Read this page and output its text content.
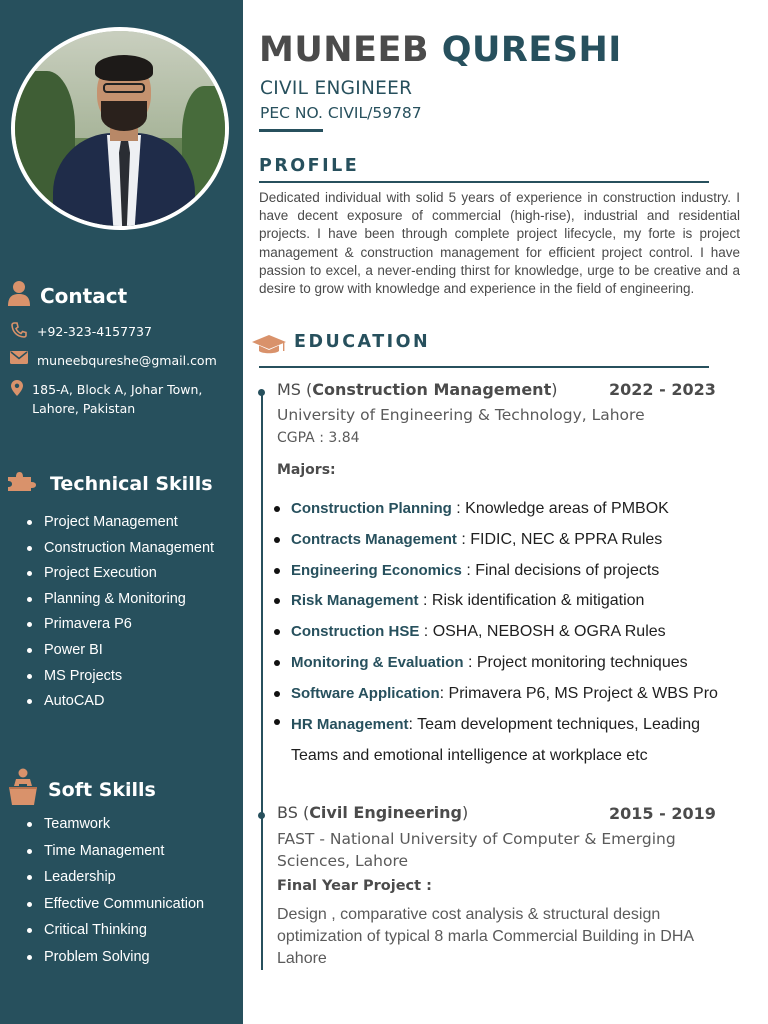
Contact
+92-323-4157737
muneebqureshe@gmail.com
185-A, Block A, Johar Town, Lahore, Pakistan
Technical Skills
Project Management
Construction Management
Project Execution
Planning & Monitoring
Primavera P6
Power BI
MS Projects
AutoCAD
Soft Skills
Teamwork
Time Management
Leadership
Effective Communication
Critical Thinking
Problem Solving
MUNEEB QURESHI
CIVIL ENGINEER
PEC NO. CIVIL/59787
PROFILE

Dedicated individual with solid 5 years of experience in construction industry. I have decent exposure of commercial (high-rise), industrial and residential projects. I have been through complete project lifecycle, my forte is project management & construction management for efficient project control. I have passion to excel, a never-ending thirst for knowledge, urge to be creative and a desire to grow with knowledge and experience in the field of engineering.

EDUCATION
MS (Construction Management)	2022 - 2023
University of Engineering & Technology, Lahore
CGPA : 3.84
Majors:
Construction Planning : Knowledge areas of PMBOK
Contracts Management : FIDIC, NEC & PPRA Rules
Engineering Economics : Final decisions of projects
Risk Management : Risk identification & mitigation
Construction HSE : OSHA, NEBOSH & OGRA Rules
Monitoring & Evaluation : Project monitoring techniques
Software Application: Primavera P6, MS Project & WBS Pro
HR Management: Team development techniques, Leading Teams and emotional intelligence at workplace etc
BS (Civil Engineering)	2015 - 2019
FAST - National University of Computer & Emerging Sciences, Lahore
Final Year Project :
Design , comparative cost analysis & structural design optimization of typical 8 marla Commercial Building in DHA Lahore
